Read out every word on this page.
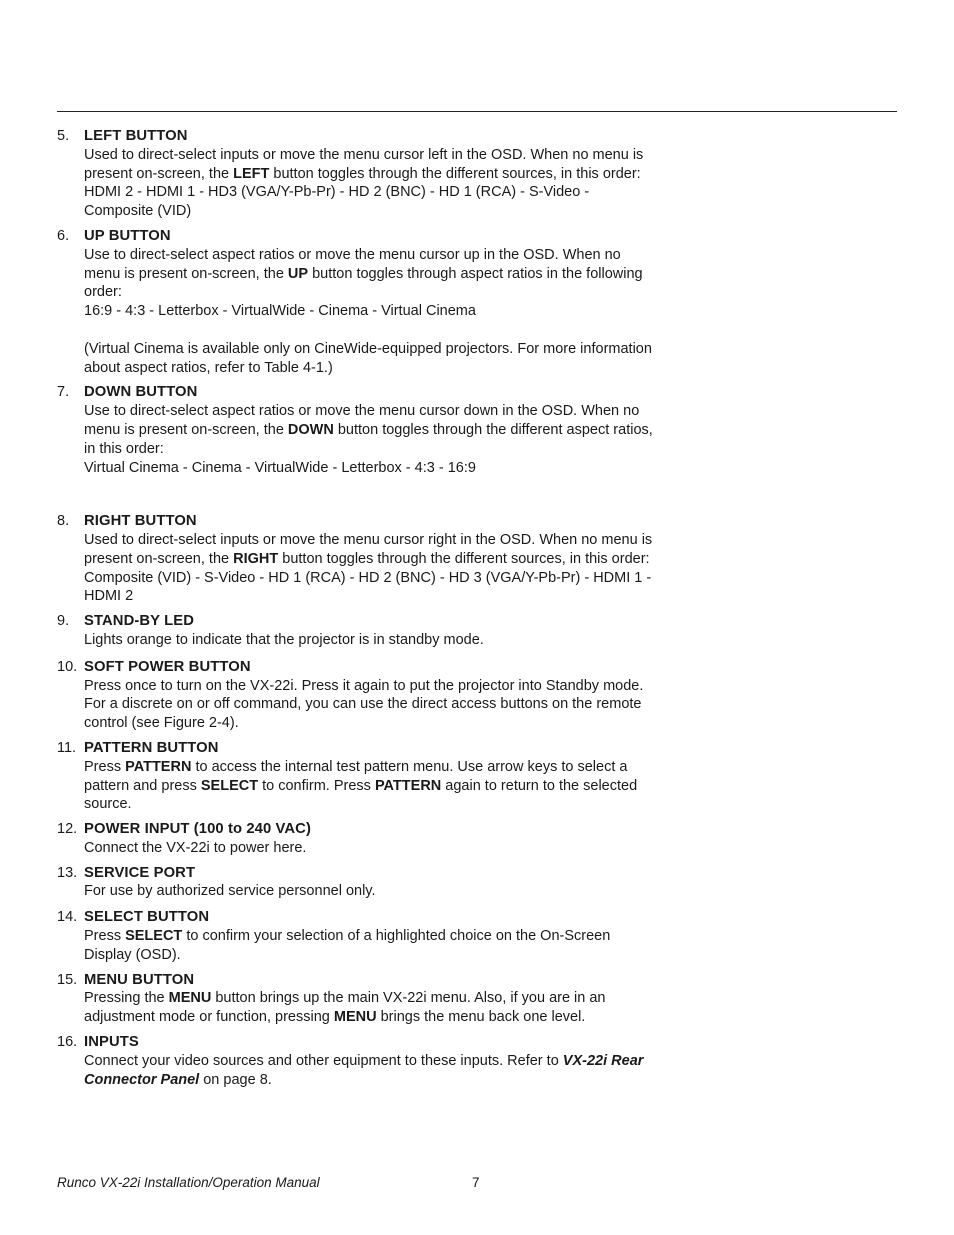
5. LEFT BUTTON
Used to direct-select inputs or move the menu cursor left in the OSD. When no menu is present on-screen, the LEFT button toggles through the different sources, in this order:
HDMI 2 - HDMI 1 - HD3 (VGA/Y-Pb-Pr) - HD 2 (BNC) - HD 1 (RCA) - S-Video - Composite (VID)
6. UP BUTTON
Use to direct-select aspect ratios or move the menu cursor up in the OSD. When no menu is present on-screen, the UP button toggles through aspect ratios in the following order:
16:9 - 4:3 - Letterbox - VirtualWide - Cinema - Virtual Cinema

(Virtual Cinema is available only on CineWide-equipped projectors. For more information about aspect ratios, refer to Table 4-1.)
7. DOWN BUTTON
Use to direct-select aspect ratios or move the menu cursor down in the OSD. When no menu is present on-screen, the DOWN button toggles through the different aspect ratios, in this order:
Virtual Cinema - Cinema - VirtualWide - Letterbox - 4:3 - 16:9

8. RIGHT BUTTON
Used to direct-select inputs or move the menu cursor right in the OSD. When no menu is present on-screen, the RIGHT button toggles through the different sources, in this order:
Composite (VID) - S-Video - HD 1 (RCA) - HD 2 (BNC) - HD 3 (VGA/Y-Pb-Pr) - HDMI 1 - HDMI 2
9. STAND-BY LED
Lights orange to indicate that the projector is in standby mode.
10. SOFT POWER BUTTON
Press once to turn on the VX-22i. Press it again to put the projector into Standby mode. For a discrete on or off command, you can use the direct access buttons on the remote control (see Figure 2-4).
11. PATTERN BUTTON
Press PATTERN to access the internal test pattern menu. Use arrow keys to select a pattern and press SELECT to confirm. Press PATTERN again to return to the selected source.
12. POWER INPUT (100 to 240 VAC)
Connect the VX-22i to power here.
13. SERVICE PORT
For use by authorized service personnel only.
14. SELECT BUTTON
Press SELECT to confirm your selection of a highlighted choice on the On-Screen Display (OSD).
15. MENU BUTTON
Pressing the MENU button brings up the main VX-22i menu. Also, if you are in an adjustment mode or function, pressing MENU brings the menu back one level.
16. INPUTS
Connect your video sources and other equipment to these inputs. Refer to VX-22i Rear Connector Panel on page 8.
Runco VX-22i Installation/Operation Manual	7
